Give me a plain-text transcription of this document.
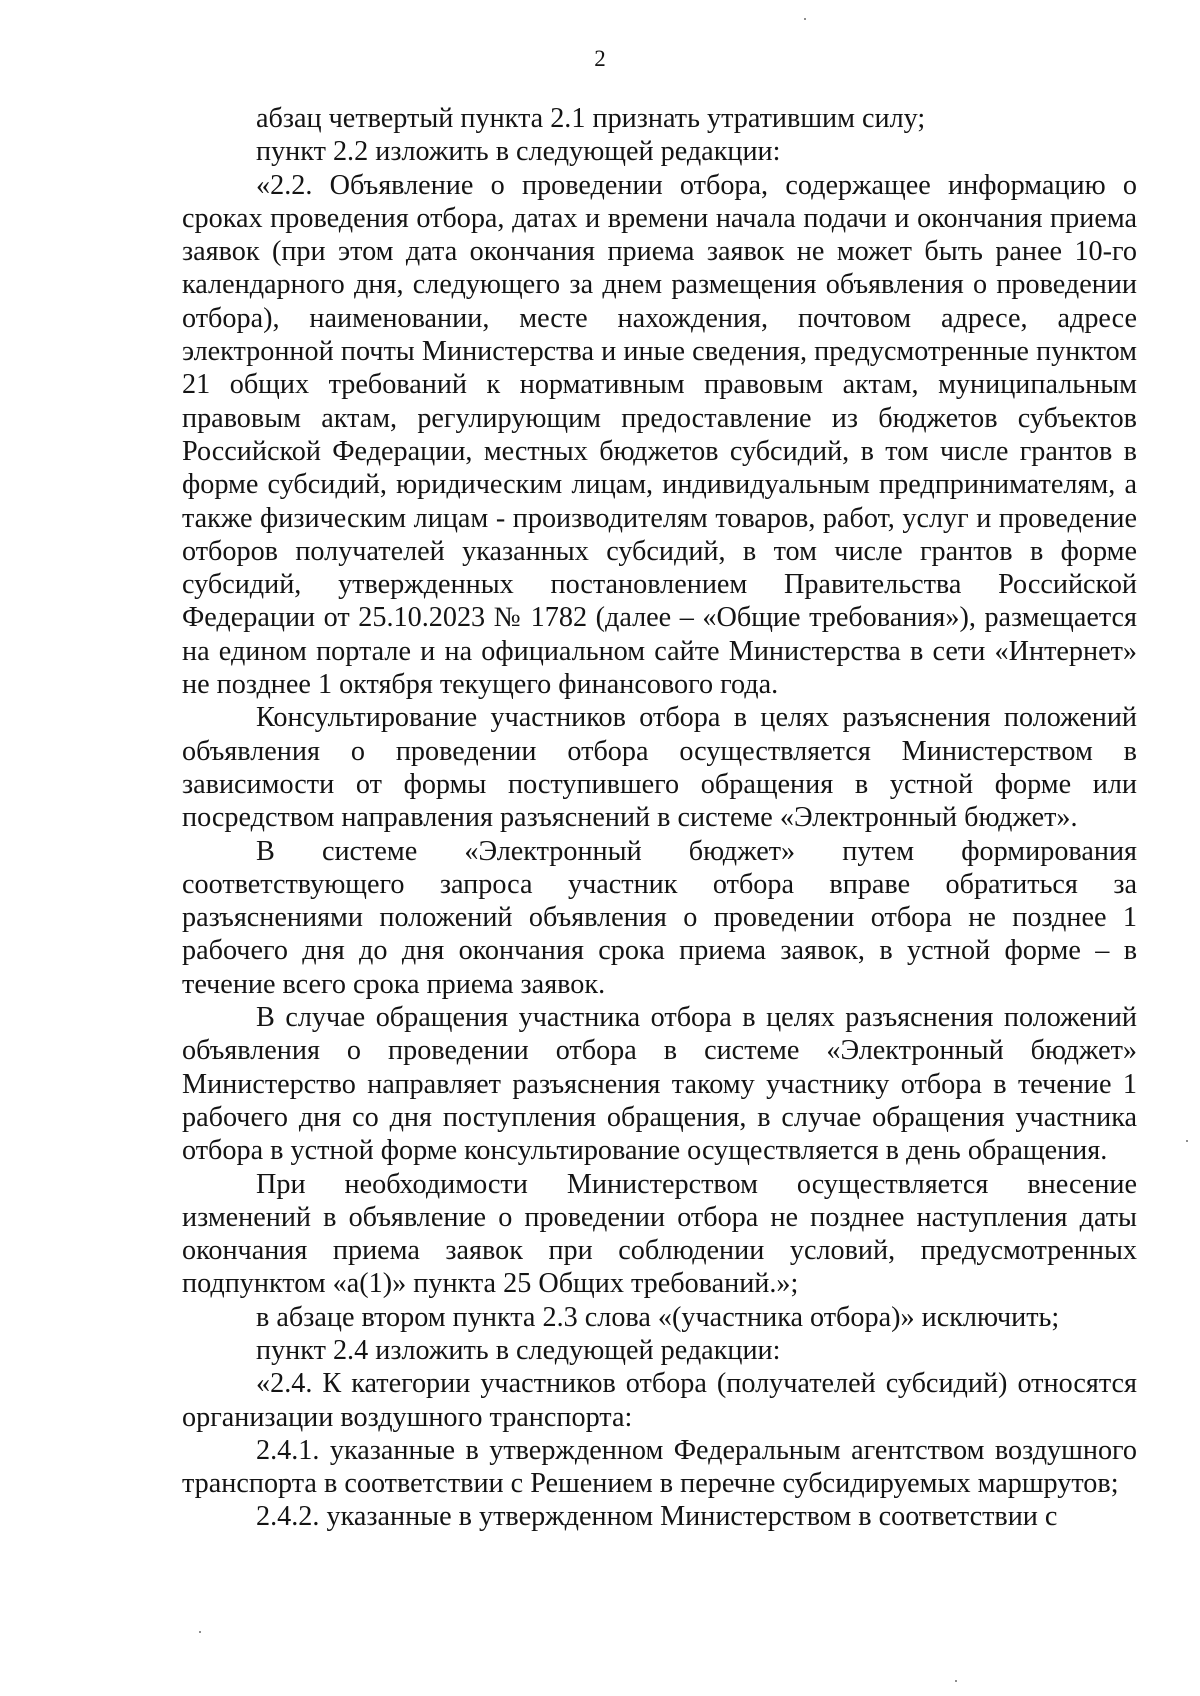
2

абзац четвертый пункта 2.1 признать утратившим силу;

пункт 2.2 изложить в следующей редакции:

«2.2. Объявление о проведении отбора, содержащее информацию о сроках проведения отбора, датах и времени начала подачи и окончания приема заявок (при этом дата окончания приема заявок не может быть ранее 10-го календарного дня, следующего за днем размещения объявления о проведении отбора), наименовании, месте нахождения, почтовом адресе, адресе электронной почты Министерства и иные сведения, предусмотренные пунктом 21 общих требований к нормативным правовым актам, муниципальным правовым актам, регулирующим предоставление из бюджетов субъектов Российской Федерации, местных бюджетов субсидий, в том числе грантов в форме субсидий, юридическим лицам, индивидуальным предпринимателям, а также физическим лицам - производителям товаров, работ, услуг и проведение отборов получателей указанных субсидий, в том числе грантов в форме субсидий, утвержденных постановлением Правительства Российской Федерации от 25.10.2023 № 1782 (далее – «Общие требования»), размещается на едином портале и на официальном сайте Министерства в сети «Интернет» не позднее 1 октября текущего финансового года.

Консультирование участников отбора в целях разъяснения положений объявления о проведении отбора осуществляется Министерством в зависимости от формы поступившего обращения в устной форме или посредством направления разъяснений в системе «Электронный бюджет».

В системе «Электронный бюджет» путем формирования соответствующего запроса участник отбора вправе обратиться за разъяснениями положений объявления о проведении отбора не позднее 1 рабочего дня до дня окончания срока приема заявок, в устной форме – в течение всего срока приема заявок.

В случае обращения участника отбора в целях разъяснения положений объявления о проведении отбора в системе «Электронный бюджет» Министерство направляет разъяснения такому участнику отбора в течение 1 рабочего дня со дня поступления обращения, в случае обращения участника отбора в устной форме консультирование осуществляется в день обращения.

При необходимости Министерством осуществляется внесение изменений в объявление о проведении отбора не позднее наступления даты окончания приема заявок при соблюдении условий, предусмотренных подпунктом «а(1)» пункта 25 Общих требований.»;

в абзаце втором пункта 2.3 слова «(участника отбора)» исключить;

пункт 2.4 изложить в следующей редакции:

«2.4. К категории участников отбора (получателей субсидий) относятся организации воздушного транспорта:

2.4.1. указанные в утвержденном Федеральным агентством воздушного транспорта в соответствии с Решением в перечне субсидируемых маршрутов;

2.4.2. указанные в утвержденном Министерством в соответствии с
